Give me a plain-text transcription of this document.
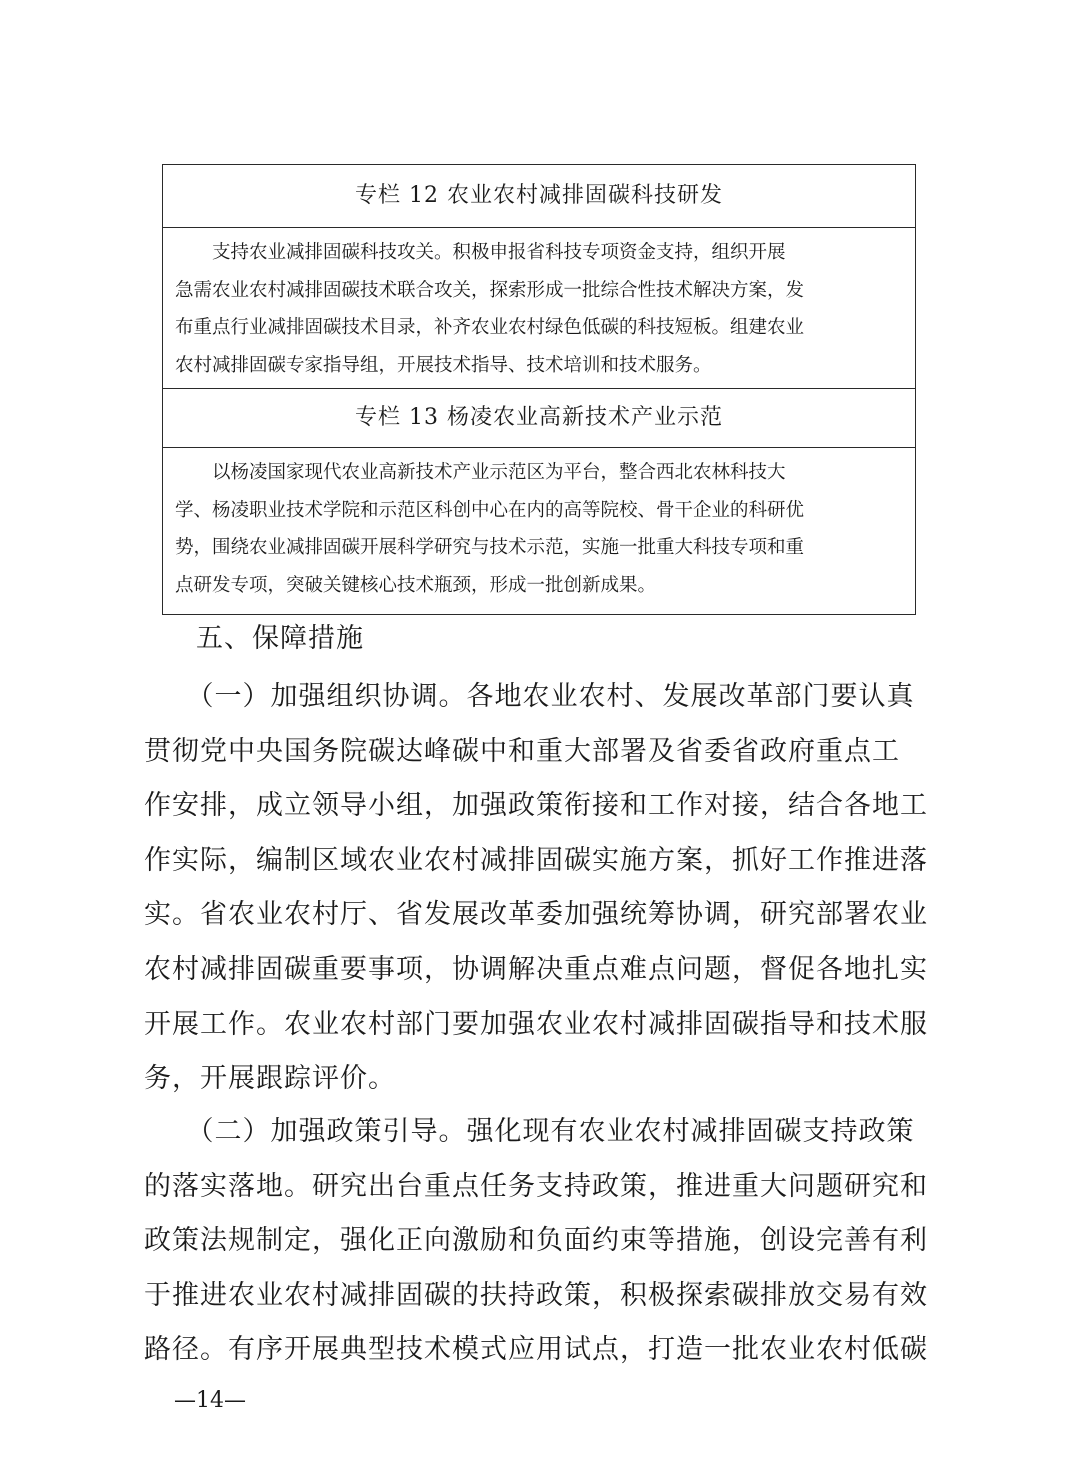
专栏 12 农业农村减排固碳科技研发
　　支持农业减排固碳科技攻关。积极申报省科技专项资金支持，组织开展
急需农业农村减排固碳技术联合攻关，探索形成一批综合性技术解决方案，发
布重点行业减排固碳技术目录，补齐农业农村绿色低碳的科技短板。组建农业
农村减排固碳专家指导组，开展技术指导、技术培训和技术服务。
专栏 13 杨凌农业高新技术产业示范
　　以杨凌国家现代农业高新技术产业示范区为平台，整合西北农林科技大
学、杨凌职业技术学院和示范区科创中心在内的高等院校、骨干企业的科研优
势，围绕农业减排固碳开展科学研究与技术示范，实施一批重大科技专项和重
点研发专项，突破关键核心技术瓶颈，形成一批创新成果。
五、保障措施
　　（一）加强组织协调。各地农业农村、发展改革部门要认真
贯彻党中央国务院碳达峰碳中和重大部署及省委省政府重点工
作安排，成立领导小组，加强政策衔接和工作对接，结合各地工
作实际，编制区域农业农村减排固碳实施方案，抓好工作推进落
实。省农业农村厅、省发展改革委加强统筹协调，研究部署农业
农村减排固碳重要事项，协调解决重点难点问题，督促各地扎实
开展工作。农业农村部门要加强农业农村减排固碳指导和技术服
务，开展跟踪评价。
　　（二）加强政策引导。强化现有农业农村减排固碳支持政策
的落实落地。研究出台重点任务支持政策，推进重大问题研究和
政策法规制定，强化正向激励和负面约束等措施，创设完善有利
于推进农业农村减排固碳的扶持政策，积极探索碳排放交易有效
路径。有序开展典型技术模式应用试点，打造一批农业农村低碳
—14—
